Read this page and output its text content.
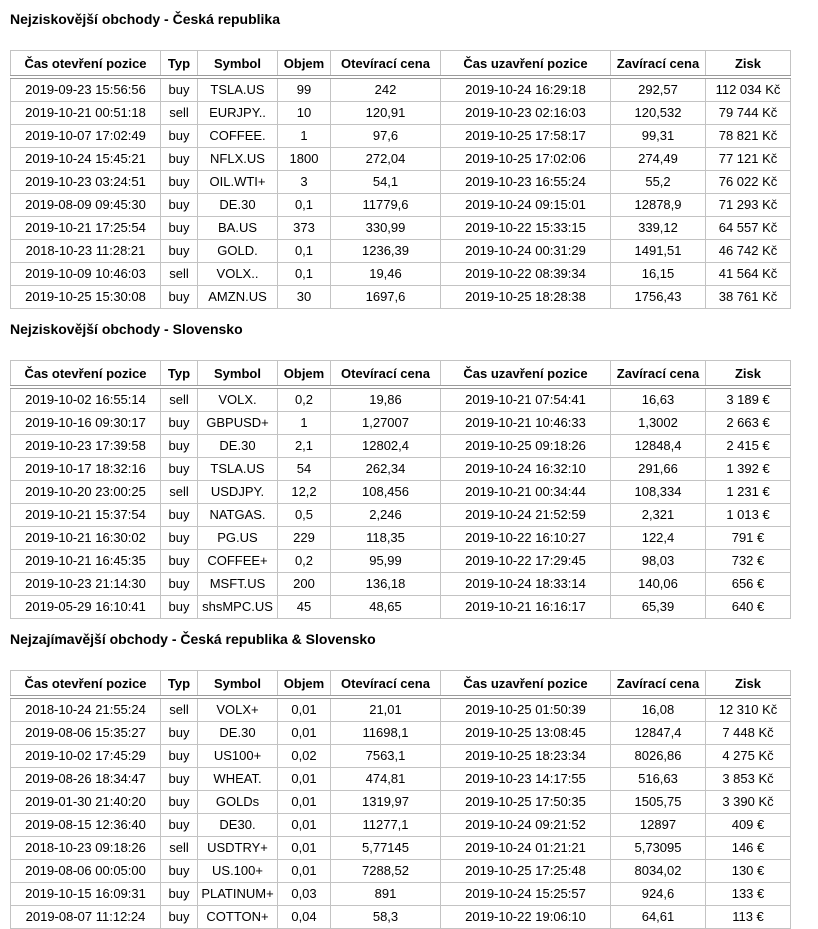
Nejziskovější obchody - Česká republika
Čas otevření pozice	Typ	Symbol	Objem	Otevírací cena	Čas uzavření pozice	Zavírací cena	Zisk
2019-09-23 15:56:56	buy	TSLA.US	99	242	2019-10-24 16:29:18	292,57	112 034 Kč
2019-10-21 00:51:18	sell	EURJPY..	10	120,91	2019-10-23 02:16:03	120,532	79 744 Kč
2019-10-07 17:02:49	buy	COFFEE.	1	97,6	2019-10-25 17:58:17	99,31	78 821 Kč
2019-10-24 15:45:21	buy	NFLX.US	1800	272,04	2019-10-25 17:02:06	274,49	77 121 Kč
2019-10-23 03:24:51	buy	OIL.WTI+	3	54,1	2019-10-23 16:55:24	55,2	76 022 Kč
2019-08-09 09:45:30	buy	DE.30	0,1	11779,6	2019-10-24 09:15:01	12878,9	71 293 Kč
2019-10-21 17:25:54	buy	BA.US	373	330,99	2019-10-22 15:33:15	339,12	64 557 Kč
2018-10-23 11:28:21	buy	GOLD.	0,1	1236,39	2019-10-24 00:31:29	1491,51	46 742 Kč
2019-10-09 10:46:03	sell	VOLX..	0,1	19,46	2019-10-22 08:39:34	16,15	41 564 Kč
2019-10-25 15:30:08	buy	AMZN.US	30	1697,6	2019-10-25 18:28:38	1756,43	38 761 Kč
Nejziskovější obchody - Slovensko
Čas otevření pozice	Typ	Symbol	Objem	Otevírací cena	Čas uzavření pozice	Zavírací cena	Zisk
2019-10-02 16:55:14	sell	VOLX.	0,2	19,86	2019-10-21 07:54:41	16,63	3 189 €
2019-10-16 09:30:17	buy	GBPUSD+	1	1,27007	2019-10-21 10:46:33	1,3002	2 663 €
2019-10-23 17:39:58	buy	DE.30	2,1	12802,4	2019-10-25 09:18:26	12848,4	2 415 €
2019-10-17 18:32:16	buy	TSLA.US	54	262,34	2019-10-24 16:32:10	291,66	1 392 €
2019-10-20 23:00:25	sell	USDJPY.	12,2	108,456	2019-10-21 00:34:44	108,334	1 231 €
2019-10-21 15:37:54	buy	NATGAS.	0,5	2,246	2019-10-24 21:52:59	2,321	1 013 €
2019-10-21 16:30:02	buy	PG.US	229	118,35	2019-10-22 16:10:27	122,4	791 €
2019-10-21 16:45:35	buy	COFFEE+	0,2	95,99	2019-10-22 17:29:45	98,03	732 €
2019-10-23 21:14:30	buy	MSFT.US	200	136,18	2019-10-24 18:33:14	140,06	656 €
2019-05-29 16:10:41	buy	shsMPC.US	45	48,65	2019-10-21 16:16:17	65,39	640 €
Nejzajímavější obchody - Česká republika & Slovensko
Čas otevření pozice	Typ	Symbol	Objem	Otevírací cena	Čas uzavření pozice	Zavírací cena	Zisk
2018-10-24 21:55:24	sell	VOLX+	0,01	21,01	2019-10-25 01:50:39	16,08	12 310 Kč
2019-08-06 15:35:27	buy	DE.30	0,01	11698,1	2019-10-25 13:08:45	12847,4	7 448 Kč
2019-10-02 17:45:29	buy	US100+	0,02	7563,1	2019-10-25 18:23:34	8026,86	4 275 Kč
2019-08-26 18:34:47	buy	WHEAT.	0,01	474,81	2019-10-23 14:17:55	516,63	3 853 Kč
2019-01-30 21:40:20	buy	GOLDs	0,01	1319,97	2019-10-25 17:50:35	1505,75	3 390 Kč
2019-08-15 12:36:40	buy	DE30.	0,01	11277,1	2019-10-24 09:21:52	12897	409 €
2018-10-23 09:18:26	sell	USDTRY+	0,01	5,77145	2019-10-24 01:21:21	5,73095	146 €
2019-08-06 00:05:00	buy	US.100+	0,01	7288,52	2019-10-25 17:25:48	8034,02	130 €
2019-10-15 16:09:31	buy	PLATINUM+	0,03	891	2019-10-24 15:25:57	924,6	133 €
2019-08-07 11:12:24	buy	COTTON+	0,04	58,3	2019-10-22 19:06:10	64,61	113 €
